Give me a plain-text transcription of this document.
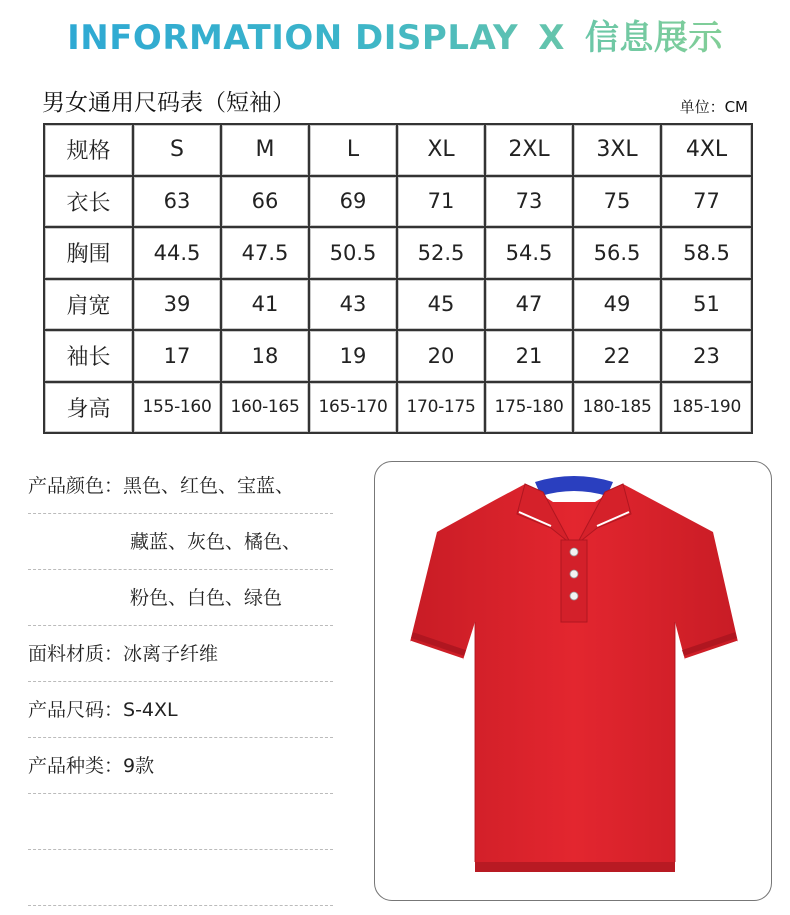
INFORMATION DISPLAY X 信息展示
男女通用尺码表（短袖）	单位：CM
规格	S	M	L	XL	2XL	3XL	4XL
衣长	63	66	69	71	73	75	77
胸围	44.5	47.5	50.5	52.5	54.5	56.5	58.5
肩宽	39	41	43	45	47	49	51
袖长	17	18	19	20	21	22	23
身高	155-160	160-165	165-170	170-175	175-180	180-185	185-190
产品颜色：黑色、红色、宝蓝、
藏蓝、灰色、橘色、
粉色、白色、绿色
面料材质：冰离子纤维
产品尺码：S-4XL
产品种类：9款
